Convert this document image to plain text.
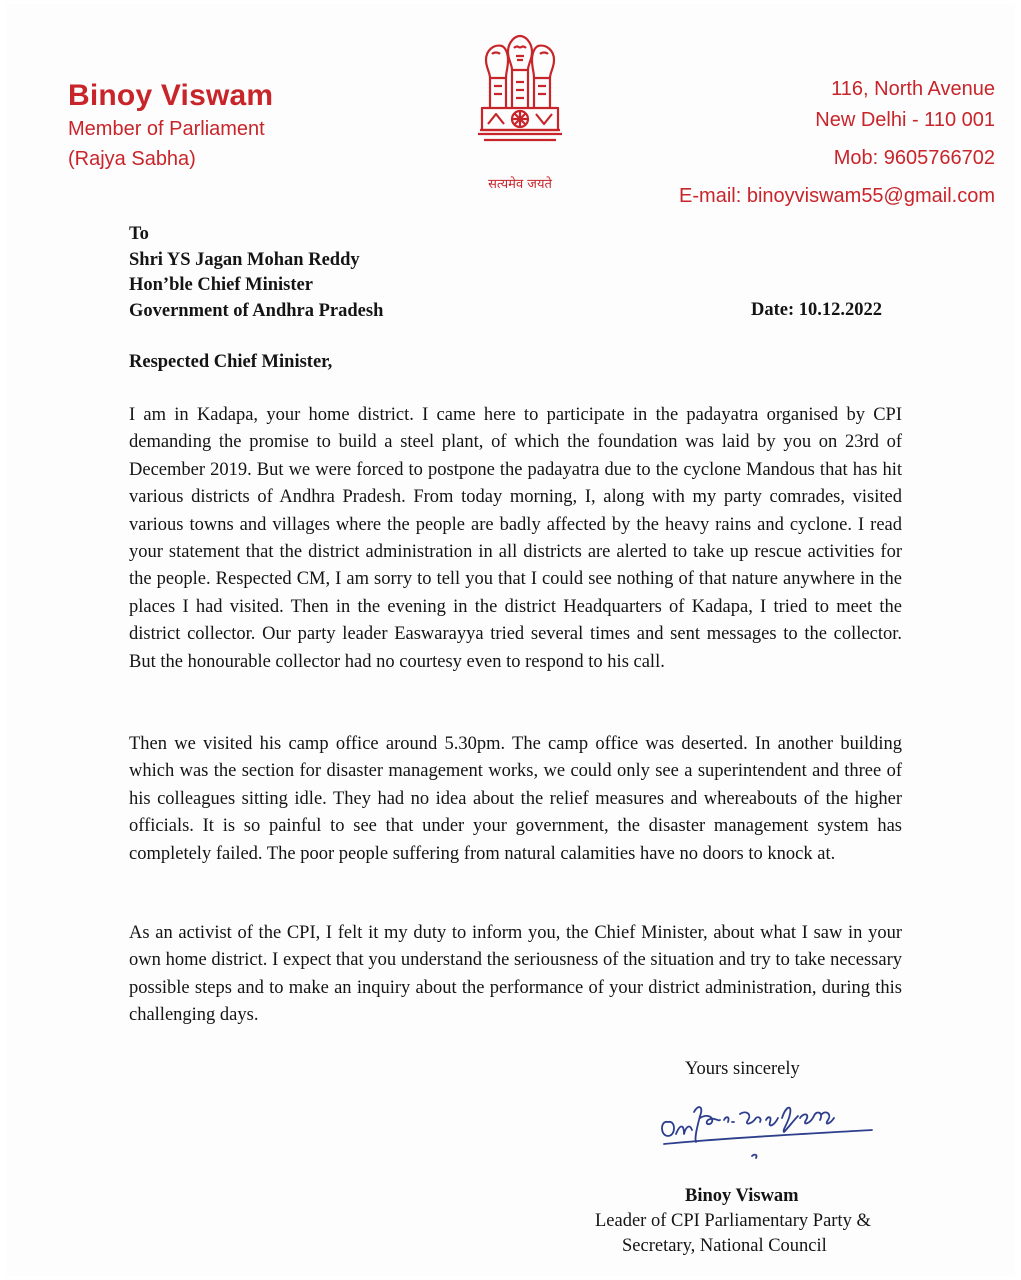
Binoy Viswam

Member of Parliament

(Rajya Sabha)

सत्यमेव जयते
116, North Avenue
New Delhi - 110 001
Mob: 9605766702
E-mail: binoyviswam55@gmail.com
To
Shri YS Jagan Mohan Reddy
Hon’ble Chief Minister
Government of Andhra Pradesh	Date: 10.12.2022
Respected Chief Minister,

I am in Kadapa, your home district. I came here to participate in the padayatra organised by CPI demanding the promise to build a steel plant, of which the foundation was laid by you on 23rd of December 2019. But we were forced to postpone the padayatra due to the cyclone Mandous that has hit various districts of Andhra Pradesh. From today morning, I, along with my party comrades, visited various towns and villages where the people are badly affected by the heavy rains and cyclone. I read your statement that the district administration in all districts are alerted to take up rescue activities for the people. Respected CM, I am sorry to tell you that I could see nothing of that nature anywhere in the places I had visited. Then in the evening in the district Headquarters of Kadapa, I tried to meet the district collector. Our party leader Easwarayya tried several times and sent messages to the collector. But the honourable collector had no courtesy even to respond to his call.

Then we visited his camp office around 5.30pm. The camp office was deserted. In another building which was the section for disaster management works, we could only see a superintendent and three of his colleagues sitting idle. They had no idea about the relief measures and whereabouts of the higher officials. It is so painful to see that under your government, the disaster management system has completely failed. The poor people suffering from natural calamities have no doors to knock at.

As an activist of the CPI, I felt it my duty to inform you, the Chief Minister, about what I saw in your own home district. I expect that you understand the seriousness of the situation and try to take necessary possible steps and to make an inquiry about the performance of your district administration, during this challenging days.

Yours sincerely
Binoy Viswam
Leader of CPI Parliamentary Party &
Secretary, National Council
